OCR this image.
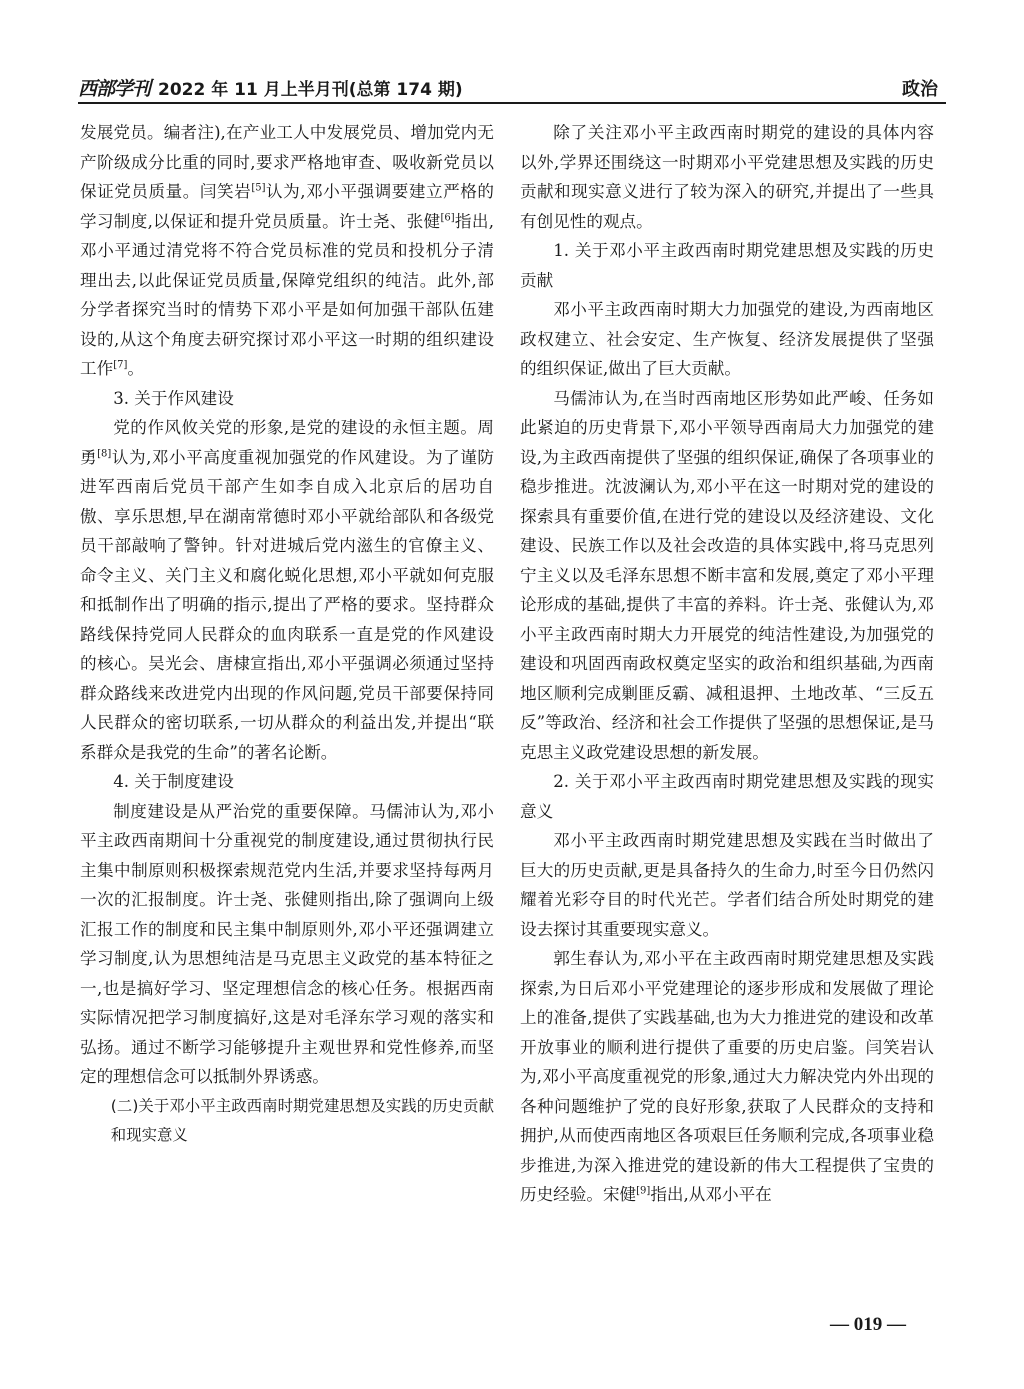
西部学刊 2022 年 11 月上半月刊(总第 174 期)	政治

发展党员。编者注),在产业工人中发展党员、增加党内无产阶级成分比重的同时,要求严格地审查、吸收新党员以保证党员质量。闫笑岩[5]认为,邓小平强调要建立严格的学习制度,以保证和提升党员质量。许士尧、张健[6]指出,邓小平通过清党将不符合党员标准的党员和投机分子清理出去,以此保证党员质量,保障党组织的纯洁。此外,部分学者探究当时的情势下邓小平是如何加强干部队伍建设的,从这个角度去研究探讨邓小平这一时期的组织建设工作[7]。

3. 关于作风建设

党的作风攸关党的形象,是党的建设的永恒主题。周勇[8]认为,邓小平高度重视加强党的作风建设。为了谨防进军西南后党员干部产生如李自成入北京后的居功自傲、享乐思想,早在湖南常德时邓小平就给部队和各级党员干部敲响了警钟。针对进城后党内滋生的官僚主义、命令主义、关门主义和腐化蜕化思想,邓小平就如何克服和抵制作出了明确的指示,提出了严格的要求。坚持群众路线保持党同人民群众的血肉联系一直是党的作风建设的核心。吴光会、唐棣宣指出,邓小平强调必须通过坚持群众路线来改进党内出现的作风问题,党员干部要保持同人民群众的密切联系,一切从群众的利益出发,并提出“联系群众是我党的生命”的著名论断。

4. 关于制度建设

制度建设是从严治党的重要保障。马儒沛认为,邓小平主政西南期间十分重视党的制度建设,通过贯彻执行民主集中制原则积极探索规范党内生活,并要求坚持每两月一次的汇报制度。许士尧、张健则指出,除了强调向上级汇报工作的制度和民主集中制原则外,邓小平还强调建立学习制度,认为思想纯洁是马克思主义政党的基本特征之一,也是搞好学习、坚定理想信念的核心任务。根据西南实际情况把学习制度搞好,这是对毛泽东学习观的落实和弘扬。通过不断学习能够提升主观世界和党性修养,而坚定的理想信念可以抵制外界诱惑。

(二)关于邓小平主政西南时期党建思想及实践的历史贡献和现实意义

除了关注邓小平主政西南时期党的建设的具体内容以外,学界还围绕这一时期邓小平党建思想及实践的历史贡献和现实意义进行了较为深入的研究,并提出了一些具有创见性的观点。

1. 关于邓小平主政西南时期党建思想及实践的历史贡献

邓小平主政西南时期大力加强党的建设,为西南地区政权建立、社会安定、生产恢复、经济发展提供了坚强的组织保证,做出了巨大贡献。

马儒沛认为,在当时西南地区形势如此严峻、任务如此紧迫的历史背景下,邓小平领导西南局大力加强党的建设,为主政西南提供了坚强的组织保证,确保了各项事业的稳步推进。沈波澜认为,邓小平在这一时期对党的建设的探索具有重要价值,在进行党的建设以及经济建设、文化建设、民族工作以及社会改造的具体实践中,将马克思列宁主义以及毛泽东思想不断丰富和发展,奠定了邓小平理论形成的基础,提供了丰富的养料。许士尧、张健认为,邓小平主政西南时期大力开展党的纯洁性建设,为加强党的建设和巩固西南政权奠定坚实的政治和组织基础,为西南地区顺利完成剿匪反霸、减租退押、土地改革、“三反五反”等政治、经济和社会工作提供了坚强的思想保证,是马克思主义政党建设思想的新发展。

2. 关于邓小平主政西南时期党建思想及实践的现实意义

邓小平主政西南时期党建思想及实践在当时做出了巨大的历史贡献,更是具备持久的生命力,时至今日仍然闪耀着光彩夺目的时代光芒。学者们结合所处时期党的建设去探讨其重要现实意义。

郭生春认为,邓小平在主政西南时期党建思想及实践探索,为日后邓小平党建理论的逐步形成和发展做了理论上的准备,提供了实践基础,也为大力推进党的建设和改革开放事业的顺利进行提供了重要的历史启鉴。闫笑岩认为,邓小平高度重视党的形象,通过大力解决党内外出现的各种问题维护了党的良好形象,获取了人民群众的支持和拥护,从而使西南地区各项艰巨任务顺利完成,各项事业稳步推进,为深入推进党的建设新的伟大工程提供了宝贵的历史经验。宋健[9]指出,从邓小平在

— 019 —
